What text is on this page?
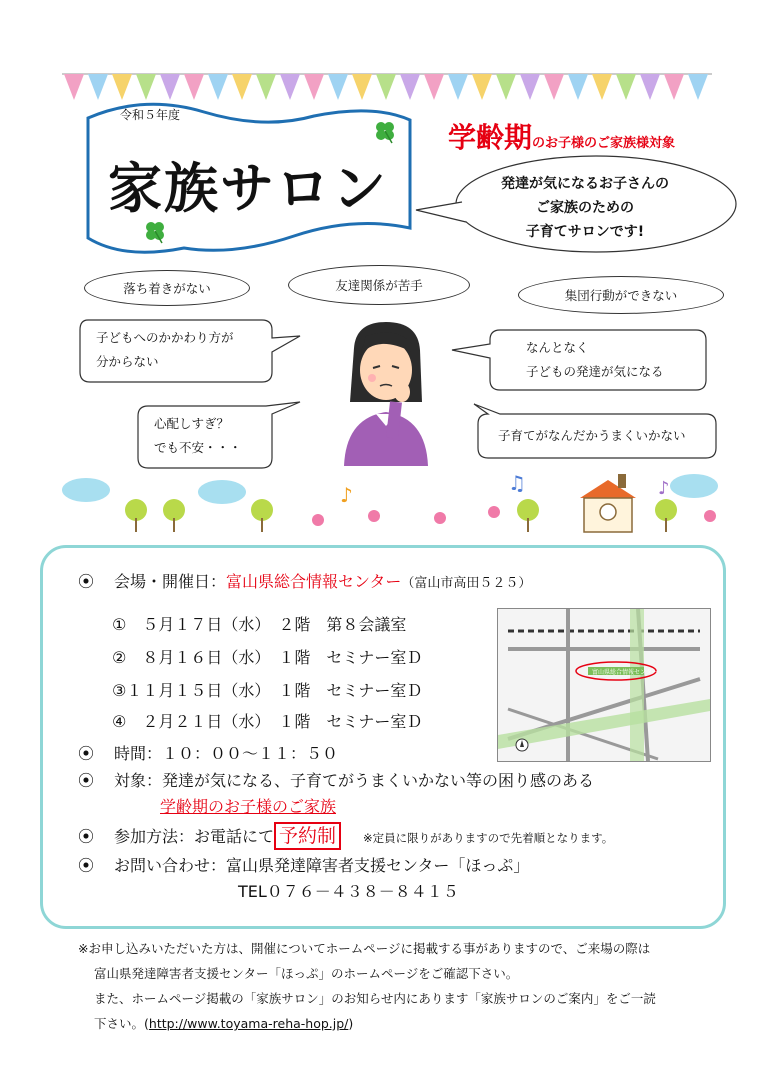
令和５年度
家族サロン
学齢期のお子様のご家族様対象
発達が気になるお子さんの
ご家族のための
子育てサロンです!
落ち着きがない	友達関係が苦手
集団行動ができない
子どもへのかかわり方が
分からない
なんとなく
子どもの発達が気になる
心配しすぎ？
でも不安・・・
子育てがなんだかうまくいかない
♪	♫	♪
⦿ 会場・開催日：富山県総合情報センター（富山市高田５２５）
①　５月１７日（水）　２階　第８会議室
②　８月１６日（水）　１階　セミナー室Ｄ
③１１月１５日（水）　１階　セミナー室Ｄ
④　２月２１日（水）　１階　セミナー室Ｄ
富山県総合情報センター
⦿ 時間：１０：００～１１：５０
⦿ 対象：発達が気になる、子育てがうまくいかない等の困り感のある
学齢期のお子様のご家族
⦿ 参加方法：お電話にて 予約制 ※定員に限りがありますので先着順となります。
⦿ お問い合わせ：富山県発達障害者支援センター「ほっぷ」
TEL０７６－４３８－８４１５
※お申し込みいただいた方は、開催についてホームページに掲載する事がありますので、ご来場の際は
富山県発達障害者支援センター「ほっぷ」のホームページをご確認下さい。
また、ホームページ掲載の「家族サロン」のお知らせ内にあります「家族サロンのご案内」をご一読
下さい。(http://www.toyama-reha-hop.jp/)
